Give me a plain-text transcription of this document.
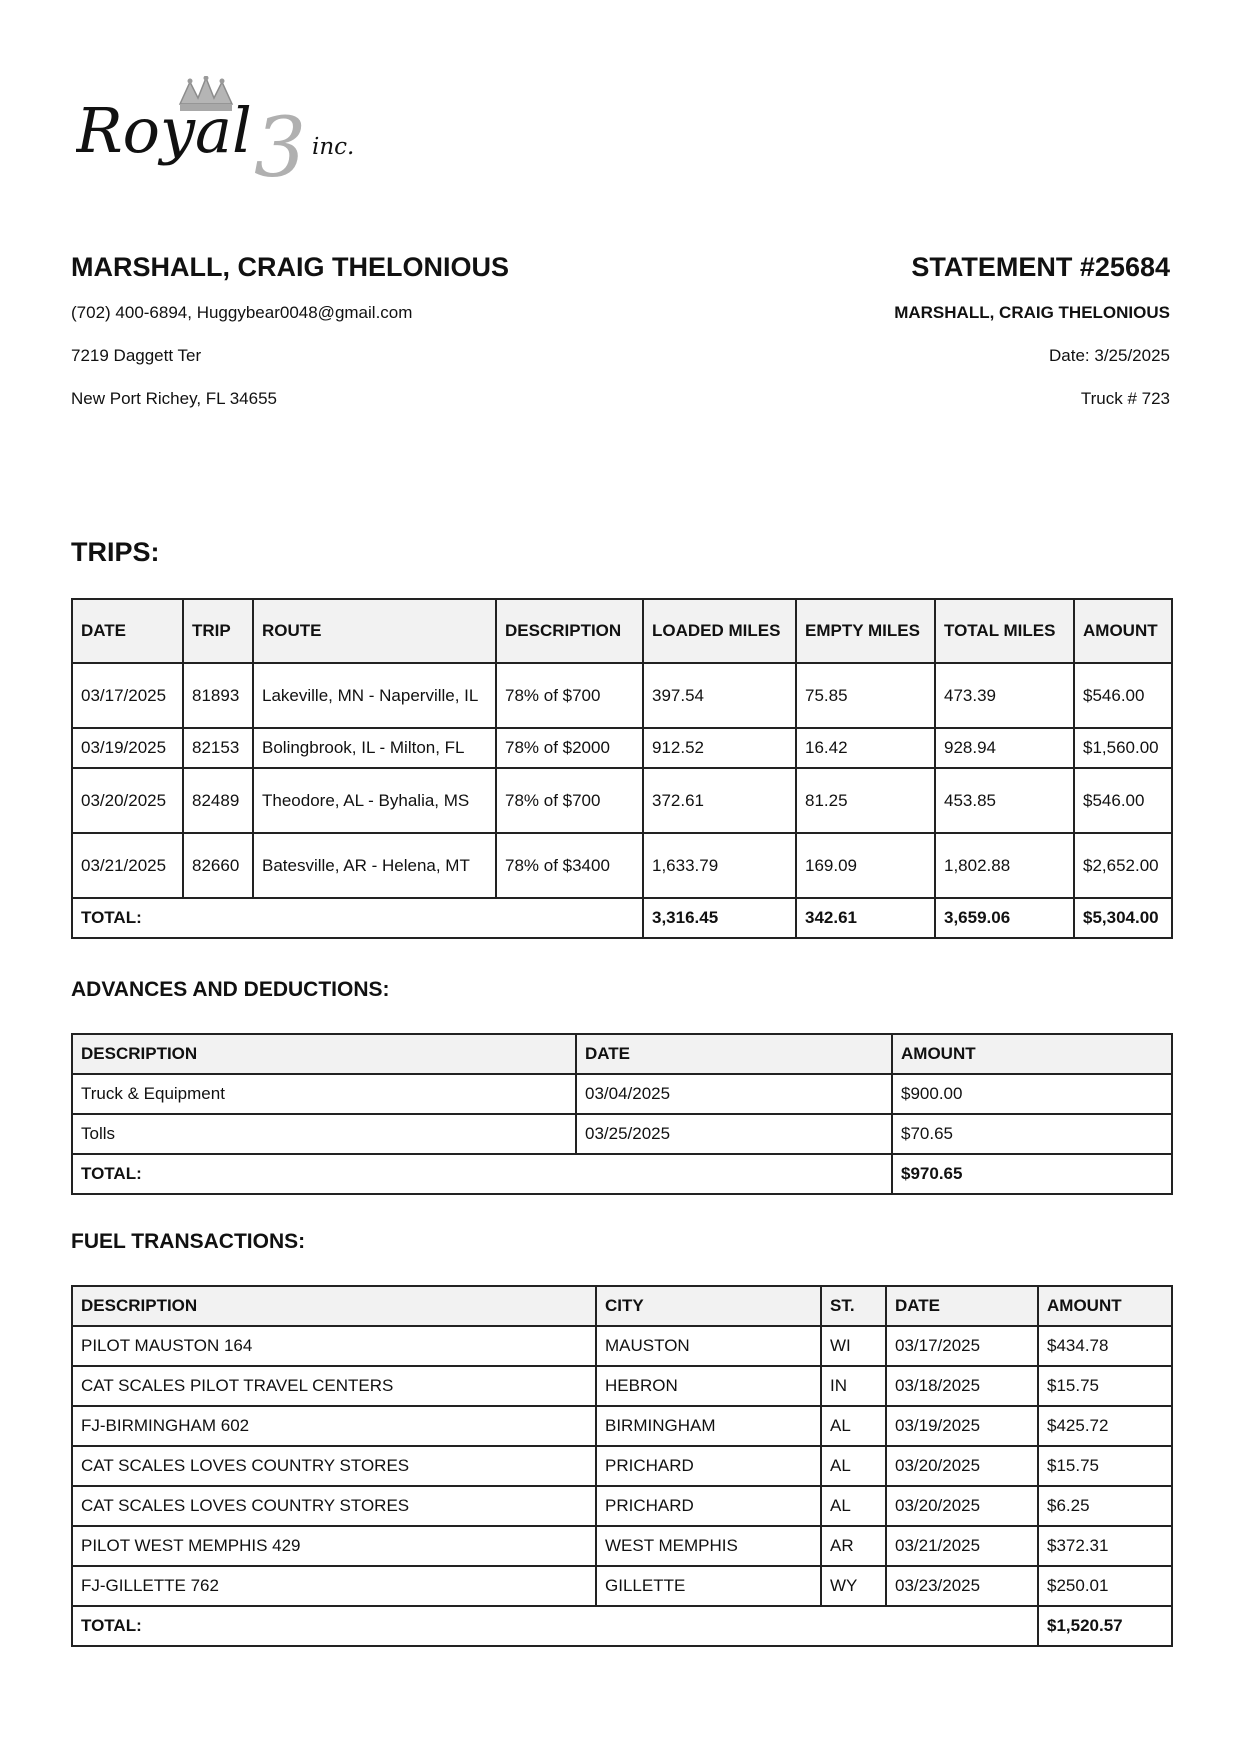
Royal 3 inc.
MARSHALL, CRAIG THELONIOUS
(702) 400-6894, Huggybear0048@gmail.com
7219 Daggett Ter
New Port Richey, FL 34655
STATEMENT #25684
MARSHALL, CRAIG THELONIOUS
Date: 3/25/2025
Truck # 723
TRIPS:
DATE	TRIP	ROUTE	DESCRIPTION	LOADED MILES	EMPTY MILES	TOTAL MILES	AMOUNT
03/17/2025	81893	Lakeville, MN - Naperville, IL	78% of $700	397.54	75.85	473.39	$546.00
03/19/2025	82153	Bolingbrook, IL - Milton, FL	78% of $2000	912.52	16.42	928.94	$1,560.00
03/20/2025	82489	Theodore, AL - Byhalia, MS	78% of $700	372.61	81.25	453.85	$546.00
03/21/2025	82660	Batesville, AR - Helena, MT	78% of $3400	1,633.79	169.09	1,802.88	$2,652.00
TOTAL:				3,316.45	342.61	3,659.06	$5,304.00
ADVANCES AND DEDUCTIONS:
DESCRIPTION	DATE	AMOUNT
Truck & Equipment	03/04/2025	$900.00
Tolls	03/25/2025	$70.65
TOTAL:		$970.65
FUEL TRANSACTIONS:
DESCRIPTION	CITY	ST.	DATE	AMOUNT
PILOT MAUSTON 164	MAUSTON	WI	03/17/2025	$434.78
CAT SCALES PILOT TRAVEL CENTERS	HEBRON	IN	03/18/2025	$15.75
FJ-BIRMINGHAM 602	BIRMINGHAM	AL	03/19/2025	$425.72
CAT SCALES LOVES COUNTRY STORES	PRICHARD	AL	03/20/2025	$15.75
CAT SCALES LOVES COUNTRY STORES	PRICHARD	AL	03/20/2025	$6.25
PILOT WEST MEMPHIS 429	WEST MEMPHIS	AR	03/21/2025	$372.31
FJ-GILLETTE 762	GILLETTE	WY	03/23/2025	$250.01
TOTAL:				$1,520.57
